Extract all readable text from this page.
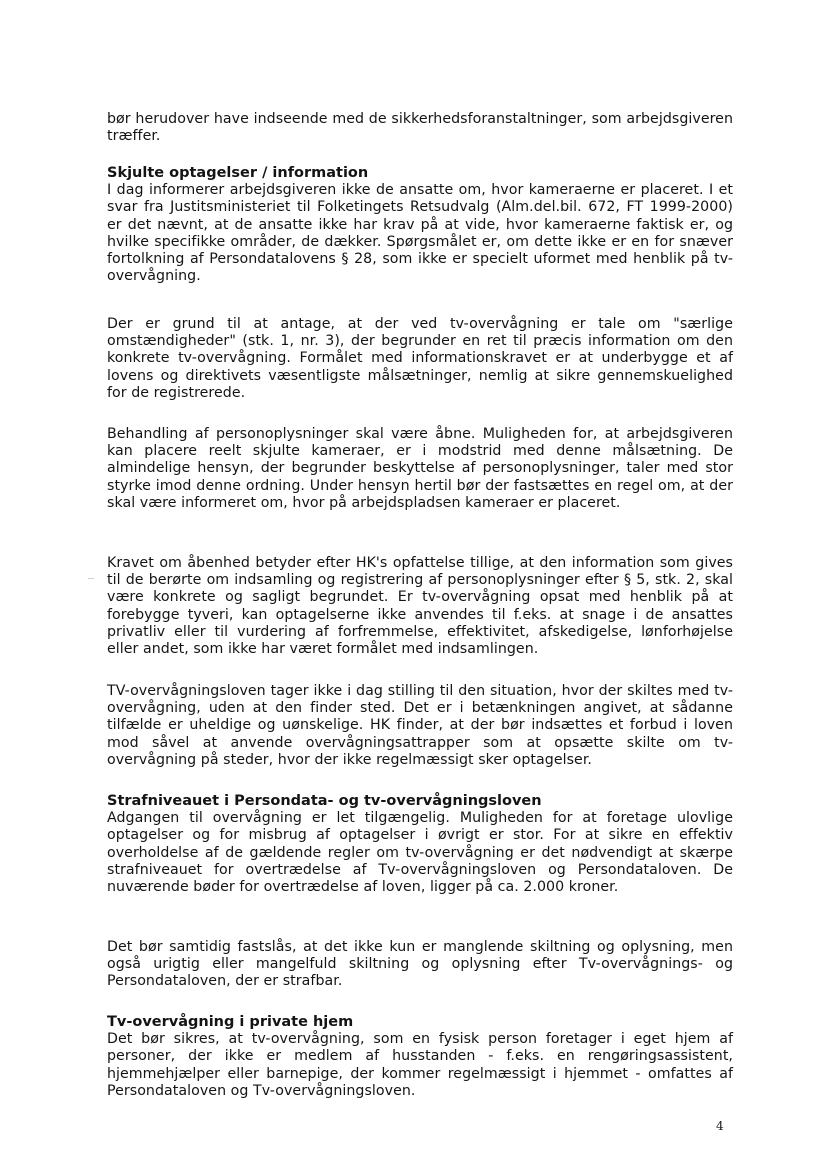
bør herudover have indseende med de sikkerhedsforanstaltninger, som arbejdsgiveren træffer.

Skjulte optagelser / information

I dag informerer arbejdsgiveren ikke de ansatte om, hvor kameraerne er placeret. I et svar fra Justitsministeriet til Folketingets Retsudvalg (Alm.del.bil. 672, FT 1999-2000) er det nævnt, at de ansatte ikke har krav på at vide, hvor kameraerne faktisk er, og hvilke specifikke områder, de dækker. Spørgsmålet er, om dette ikke er en for snæver fortolkning af Persondatalovens § 28, som ikke er specielt uformet med henblik på tv-overvågning.

Der er grund til at antage, at der ved tv-overvågning er tale om "særlige omstændigheder" (stk. 1, nr. 3), der begrunder en ret til præcis information om den konkrete tv-overvågning. Formålet med informationskravet er at underbygge et af lovens og direktivets væsentligste målsætninger, nemlig at sikre gennemskuelighed for de registrerede.

Behandling af personoplysninger skal være åbne. Muligheden for, at arbejdsgiveren kan placere reelt skjulte kameraer, er i modstrid med denne målsætning. De almindelige hensyn, der begrunder beskyttelse af personoplysninger, taler med stor styrke imod denne ordning. Under hensyn hertil bør der fastsættes en regel om, at der skal være informeret om, hvor på arbejdspladsen kameraer er placeret.

Kravet om åbenhed betyder efter HK's opfattelse tillige, at den information som gives til de berørte om indsamling og registrering af personoplysninger efter § 5, stk. 2, skal være konkrete og sagligt begrundet. Er tv-overvågning opsat med henblik på at forebygge tyveri, kan optagelserne ikke anvendes til f.eks. at snage i de ansattes privatliv eller til vurdering af forfremmelse, effektivitet, afskedigelse, lønforhøjelse eller andet, som ikke har været formålet med indsamlingen.

TV-overvågningsloven tager ikke i dag stilling til den situation, hvor der skiltes med tv-overvågning, uden at den finder sted. Det er i betænkningen angivet, at sådanne tilfælde er uheldige og uønskelige. HK finder, at der bør indsættes et forbud i loven mod såvel at anvende overvågningsattrapper som at opsætte skilte om tv-overvågning på steder, hvor der ikke regelmæssigt sker optagelser.

Strafniveauet i Persondata- og tv-overvågningsloven

Adgangen til overvågning er let tilgængelig. Muligheden for at foretage ulovlige optagelser og for misbrug af optagelser i øvrigt er stor. For at sikre en effektiv overholdelse af de gældende regler om tv-overvågning er det nødvendigt at skærpe strafniveauet for overtrædelse af Tv-overvågningsloven og Persondataloven. De nuværende bøder for overtrædelse af loven, ligger på ca. 2.000 kroner.

Det bør samtidig fastslås, at det ikke kun er manglende skiltning og oplysning, men også urigtig eller mangelfuld skiltning og oplysning efter Tv-overvågnings- og Persondataloven, der er strafbar.

Tv-overvågning i private hjem

Det bør sikres, at tv-overvågning, som en fysisk person foretager i eget hjem af personer, der ikke er medlem af husstanden - f.eks. en rengøringsassistent, hjemmehjælper eller barnepige, der kommer regelmæssigt i hjemmet - omfattes af Persondataloven og Tv-overvågningsloven.

4
